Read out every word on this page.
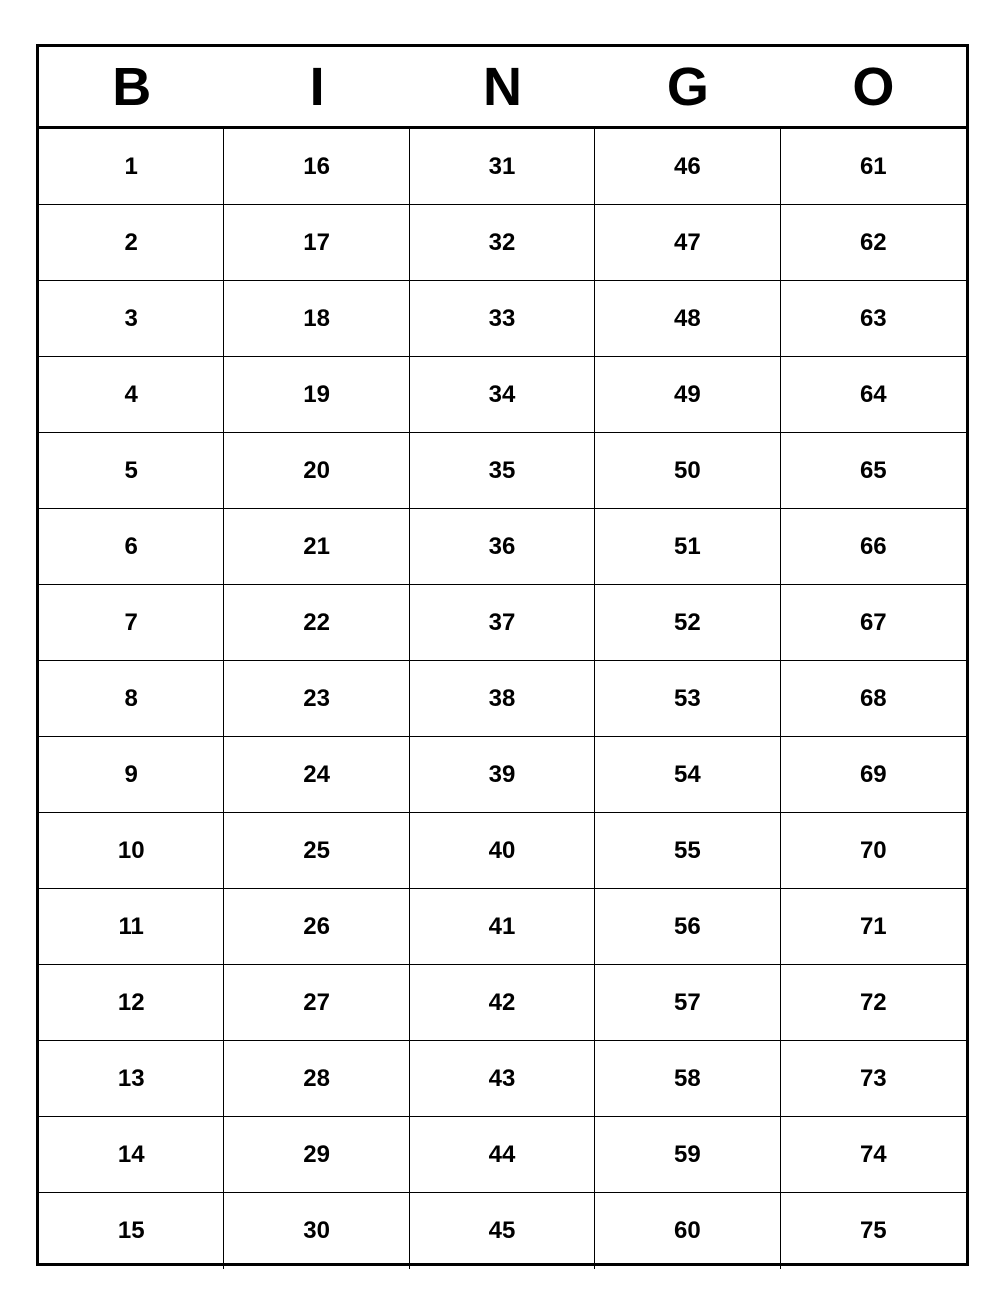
B	I	N	G	O
1	16	31	46	61
2	17	32	47	62
3	18	33	48	63
4	19	34	49	64
5	20	35	50	65
6	21	36	51	66
7	22	37	52	67
8	23	38	53	68
9	24	39	54	69
10	25	40	55	70
11	26	41	56	71
12	27	42	57	72
13	28	43	58	73
14	29	44	59	74
15	30	45	60	75
